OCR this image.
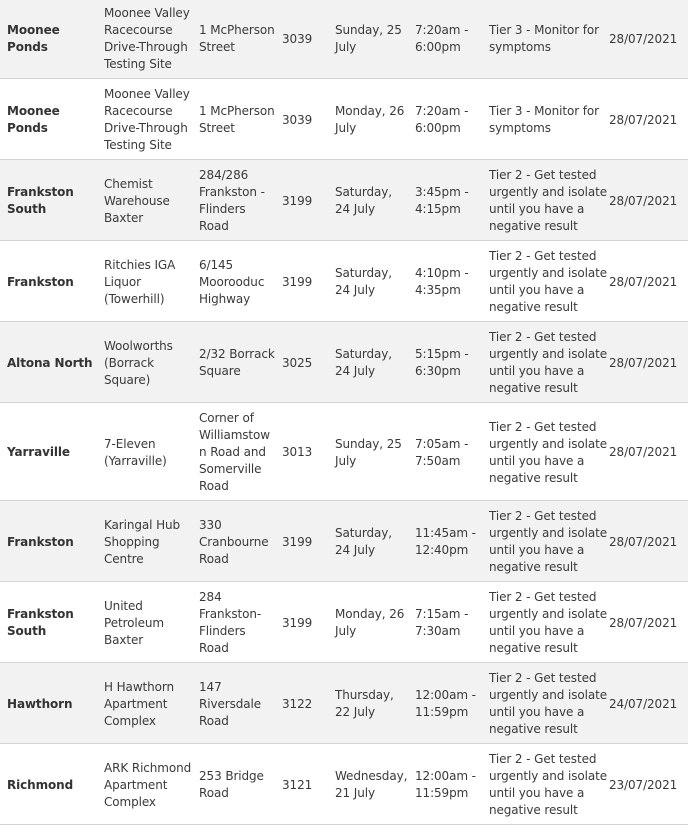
Moonee Ponds	Moonee Valley Racecourse Drive-Through Testing Site	1 McPherson Street	3039	Sunday, 25 July	7:20am - 6:00pm	Tier 3 - Monitor for symptoms	28/07/2021
Moonee Ponds	Moonee Valley Racecourse Drive-Through Testing Site	1 McPherson Street	3039	Monday, 26 July	7:20am - 6:00pm	Tier 3 - Monitor for symptoms	28/07/2021
Frankston South	Chemist Warehouse Baxter	284/286 Frankston - Flinders Road	3199	Saturday, 24 July	3:45pm - 4:15pm	Tier 2 - Get tested urgently and isolate until you have a negative result	28/07/2021
Frankston	Ritchies IGA Liquor (Towerhill)	6/145 Moorooduc Highway	3199	Saturday, 24 July	4:10pm - 4:35pm	Tier 2 - Get tested urgently and isolate until you have a negative result	28/07/2021
Altona North	Woolworths (Borrack Square)	2/32 Borrack Square	3025	Saturday, 24 July	5:15pm - 6:30pm	Tier 2 - Get tested urgently and isolate until you have a negative result	28/07/2021
Yarraville	7-Eleven (Yarraville)	Corner of Williamstown Road and Somerville Road	3013	Sunday, 25 July	7:05am - 7:50am	Tier 2 - Get tested urgently and isolate until you have a negative result	28/07/2021
Frankston	Karingal Hub Shopping Centre	330 Cranbourne Road	3199	Saturday, 24 July	11:45am - 12:40pm	Tier 2 - Get tested urgently and isolate until you have a negative result	28/07/2021
Frankston South	United Petroleum Baxter	284 Frankston-Flinders Road	3199	Monday, 26 July	7:15am - 7:30am	Tier 2 - Get tested urgently and isolate until you have a negative result	28/07/2021
Hawthorn	H Hawthorn Apartment Complex	147 Riversdale Road	3122	Thursday, 22 July	12:00am - 11:59pm	Tier 2 - Get tested urgently and isolate until you have a negative result	24/07/2021
Richmond	ARK Richmond Apartment Complex	253 Bridge Road	3121	Wednesday, 21 July	12:00am - 11:59pm	Tier 2 - Get tested urgently and isolate until you have a negative result	23/07/2021
